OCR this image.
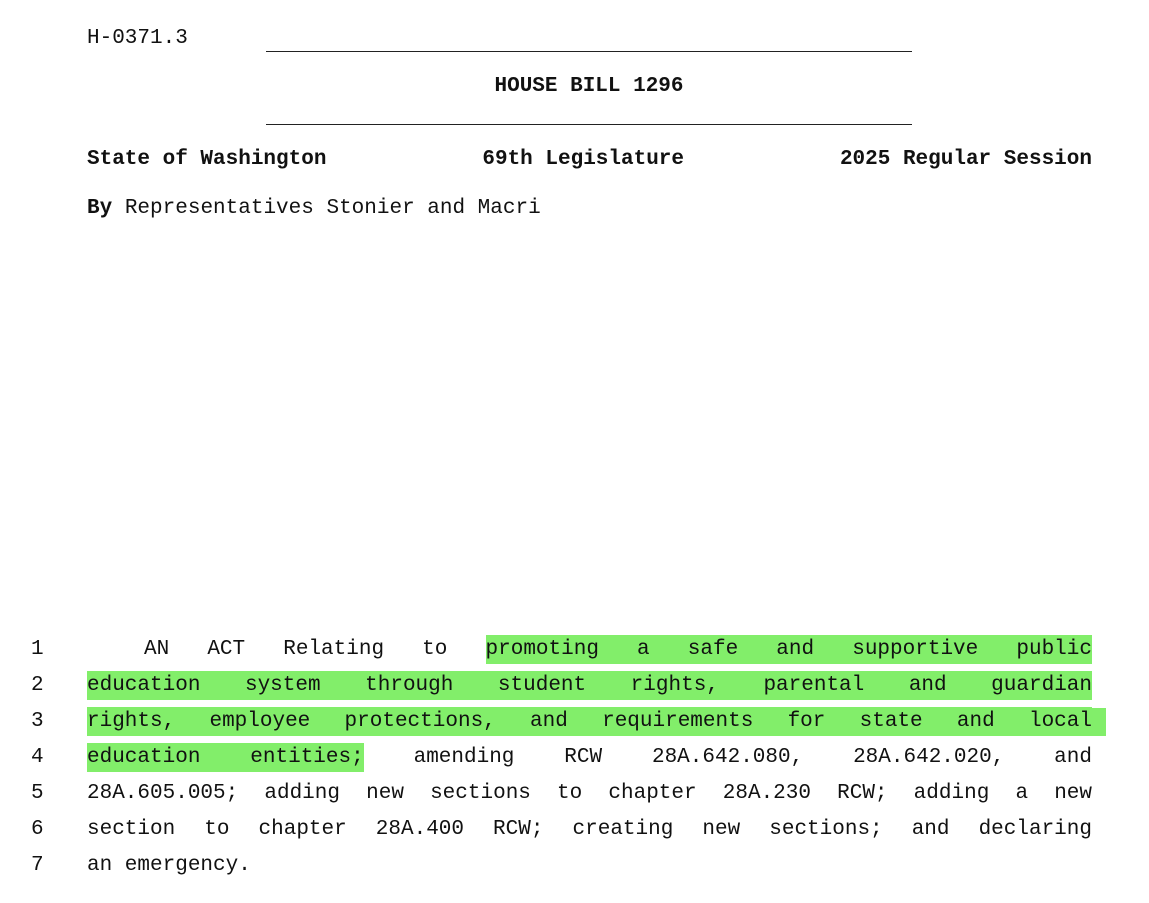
H-0371.3
HOUSE BILL 1296
State of Washington	69th Legislature	2025 Regular Session
By Representatives Stonier and Macri
1	AN ACT Relating to promoting a safe and supportive public
2 education system through student rights, parental and guardian
3 rights, employee protections, and requirements for state and local
4 education entities; amending RCW 28A.642.080, 28A.642.020, and
5 28A.605.005; adding new sections to chapter 28A.230 RCW; adding a new
6 section to chapter 28A.400 RCW; creating new sections; and declaring
7 an emergency.
